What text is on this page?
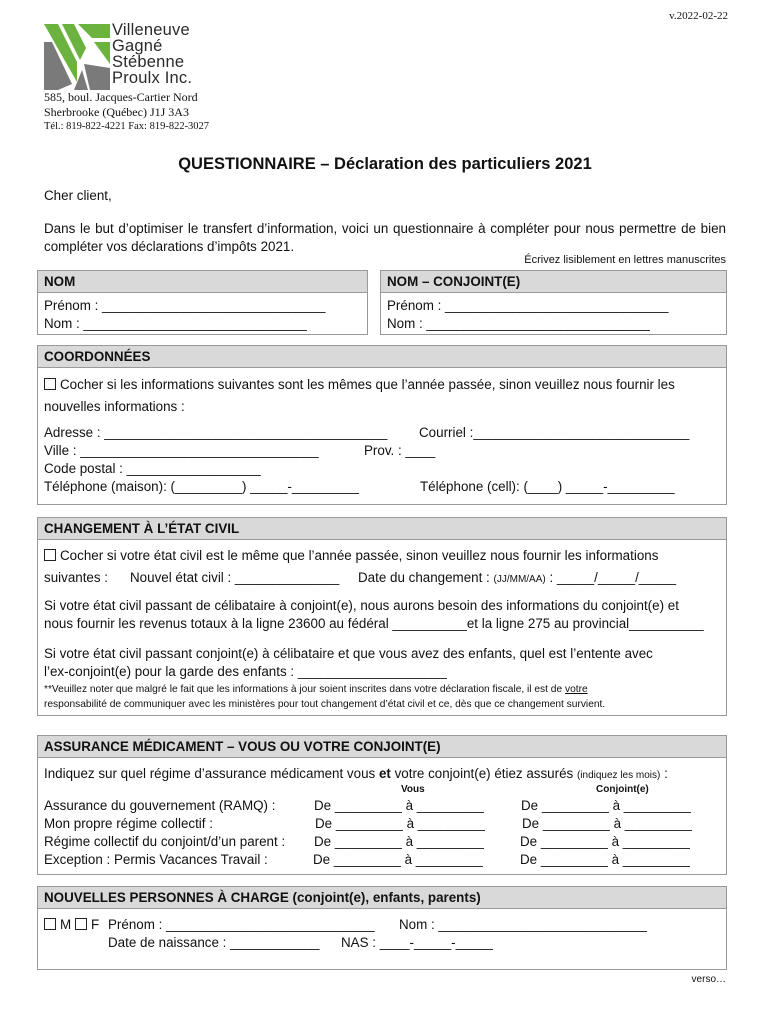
v.2022-02-22
Villeneuve
Gagné
Stébenne
Proulx Inc.
585, boul. Jacques-Cartier Nord
Sherbrooke (Québec) J1J 3A3
Tél.: 819-822-4221 Fax: 819-822-3027
QUESTIONNAIRE – Déclaration des particuliers 2021
Cher client,
Dans le but d’optimiser le transfert d’information, voici un questionnaire à compléter pour nous permettre de bien compléter vos déclarations d’impôts 2021.
Écrivez lisiblement en lettres manuscrites
NOM
Prénom : ______________________________
Nom : ______________________________
NOM – CONJOINT(E)
Prénom : ______________________________
Nom : ______________________________
COORDONNÉES
Cocher si les informations suivantes sont les mêmes que l’année passée, sinon veuillez nous fournir les
nouvelles informations :
Adresse : ______________________________________ Courriel :_____________________________
Ville : ________________________________	Prov. : ____
Code postal : __________________
Téléphone (maison): (_________) _____-_________	Téléphone (cell): (____) _____-_________
CHANGEMENT À L’ÉTAT CIVIL
Cocher si votre état civil est le même que l’année passée, sinon veuillez nous fournir les informations
suivantes : Nouvel état civil : ______________ Date du changement : (JJ/MM/AA) : _____/_____/_____
Si votre état civil passant de célibataire à conjoint(e), nous aurons besoin des informations du conjoint(e) et
nous fournir les revenus totaux à la ligne 23600 au fédéral __________et la ligne 275 au provincial__________
Si votre état civil passant conjoint(e) à célibataire et que vous avez des enfants, quel est l’entente avec
l’ex-conjoint(e) pour la garde des enfants : ____________________
**Veuillez noter que malgré le fait que les informations à jour soient inscrites dans votre déclaration fiscale, il est de votre
responsabilité de communiquer avec les ministères pour tout changement d’état civil et ce, dès que ce changement survient.
ASSURANCE MÉDICAMENT – VOUS OU VOTRE CONJOINT(E)
Indiquez sur quel régime d’assurance médicament vous et votre conjoint(e) étiez assurés (indiquez les mois) :
Vous	Conjoint(e)
Assurance du gouvernement (RAMQ) :	De _________ à _________	De _________ à _________
Mon propre régime collectif :	De _________ à _________	De _________ à _________
Régime collectif du conjoint/d’un parent : De _________ à _________	De _________ à _________
Exception : Permis Vacances Travail :	De _________ à _________	De _________ à _________
NOUVELLES PERSONNES À CHARGE (conjoint(e), enfants, parents)
M	F Prénom : ____________________________ Nom : ____________________________
Date de naissance : ____________ NAS : ____-_____-_____
verso…
